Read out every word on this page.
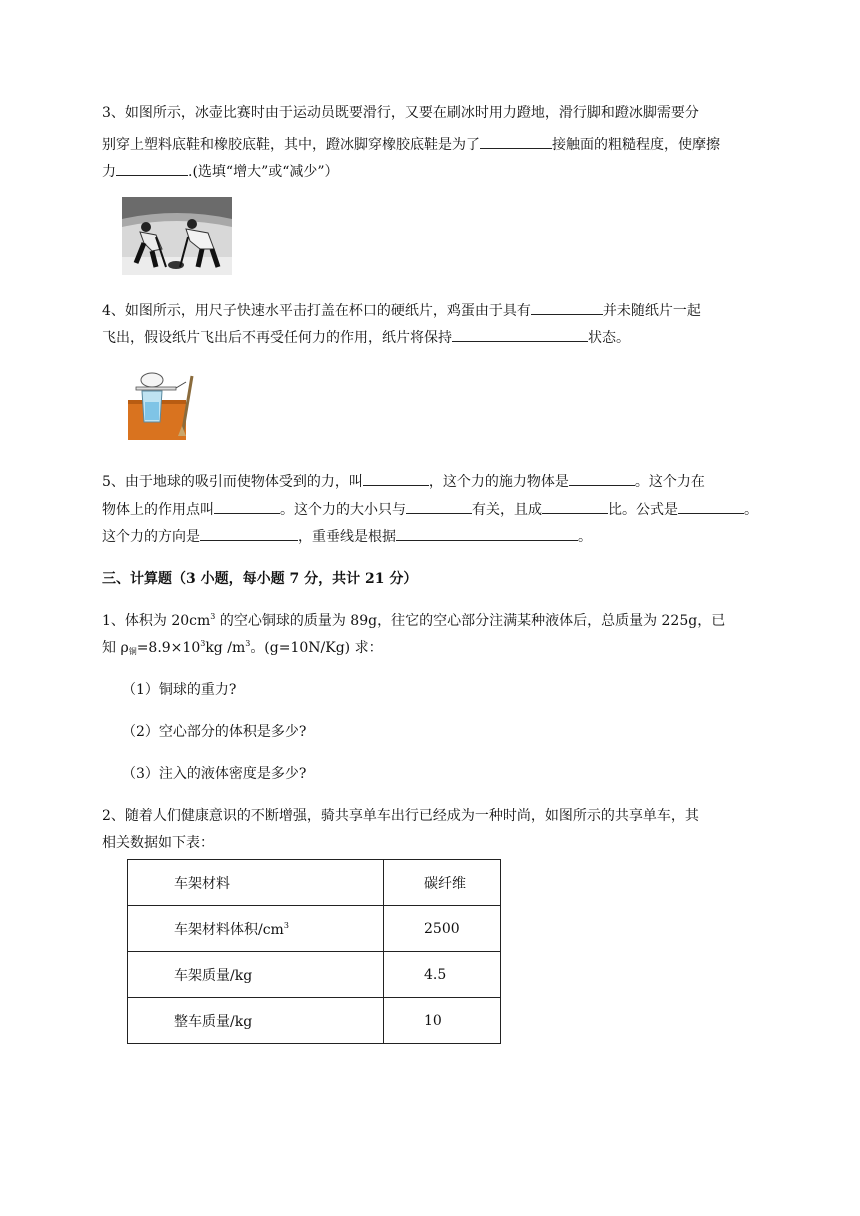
3、如图所示，冰壶比赛时由于运动员既要滑行，又要在刷冰时用力蹬地，滑行脚和蹬冰脚需要分
别穿上塑料底鞋和橡胶底鞋，其中，蹬冰脚穿橡胶底鞋是为了	接触面的粗糙程度，使摩擦
力	.(选填“增大”或“减少”）
4、如图所示，用尺子快速水平击打盖在杯口的硬纸片，鸡蛋由于具有	并未随纸片一起
飞出，假设纸片飞出后不再受任何力的作用，纸片将保持	状态。
5、由于地球的吸引而使物体受到的力，叫	，这个力的施力物体是	。这个力在
物体上的作用点叫	。这个力的大小只与	有关，且成	比。公式是	。
这个力的方向是	，重垂线是根据	。
三、计算题（3 小题，每小题 7 分，共计 21 分）
1、体积为 $20cm^3$ 的空心铜球的质量为 89g，往它的空心部分注满某种液体后，总质量为 225g，已
知 $\rho_铜=8.9\times 10^3kg$ $/m^3$。(g=10N/Kg) 求：
（1）铜球的重力?
（2）空心部分的体积是多少?
（3）注入的液体密度是多少?
2、随着人们健康意识的不断增强，骑共享单车出行已经成为一种时尚，如图所示的共享单车，其
相关数据如下表：
车架材料	碳纤维
车架材料体积$/cm^3$	2500
车架质量/kg	4.5
整车质量/kg	10
